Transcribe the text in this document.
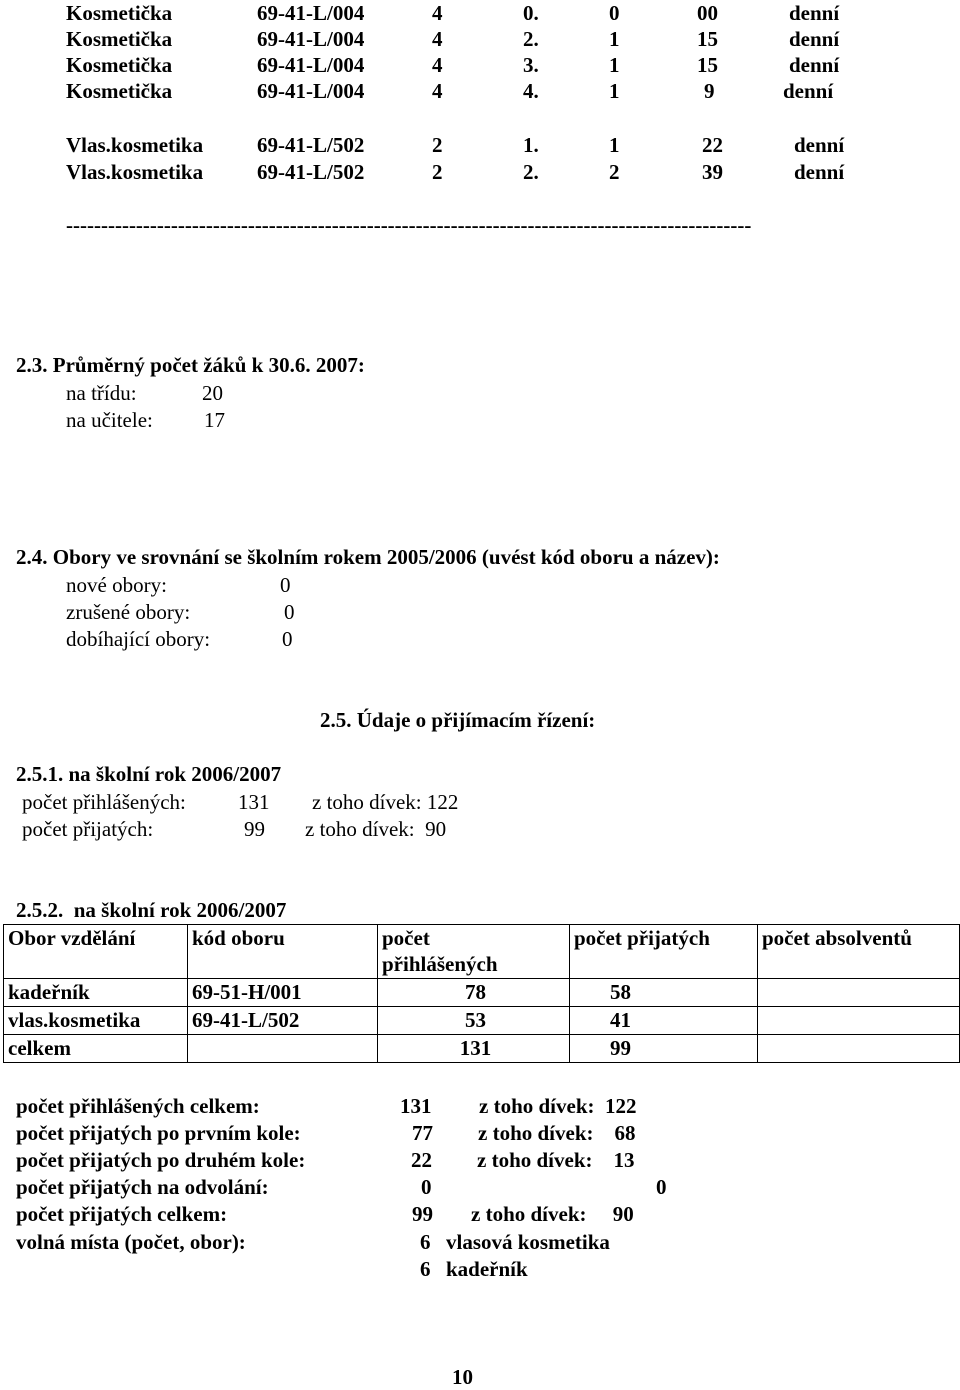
Kosmetička	69-41-L/004	4	0.	0	00	denní
Kosmetička	69-41-L/004	4	2.	1	15	denní
Kosmetička	69-41-L/004	4	3.	1	15	denní
Kosmetička	69-41-L/004	4	4.	1	9	denní
Vlas.kosmetika	69-41-L/502	2	1.	1	22	denní
Vlas.kosmetika	69-41-L/502	2	2.	2	39	denní
--------------------------------------------------------------------------------------------------
2.3. Průměrný počet žáků k 30.6. 2007:
na třídu:	20
na učitele: 17
2.4. Obory ve srovnání se školním rokem 2005/2006 (uvést kód oboru a název):
nové obory:	0
zrušené obory:	0
dobíhající obory:	0
2.5. Údaje o přijímacím řízení:
2.5.1. na školní rok 2006/2007
počet přihlášených: 131 z toho dívek: 122
počet přijatých:	99 z toho dívek:  90
2.5.2.  na školní rok 2006/2007
Obor vzdělání	kód oboru	počet přihlášených	počet přijatých	počet absolventů
kadeřník	69-51-H/001	78	58	
vlas.kosmetika	69-41-L/502	53	41	
celkem		131	99	
počet přihlášených celkem:	131 z toho dívek:  122
počet přijatých po prvním kole:	77 z toho dívek:    68
počet přijatých po druhém kole:	22 z toho dívek:    13
počet přijatých na odvolání:	0	0
počet přijatých celkem:	99 z toho dívek:     90
volná místa (počet, obor):	6 vlasová kosmetika
6 kadeřník
10
